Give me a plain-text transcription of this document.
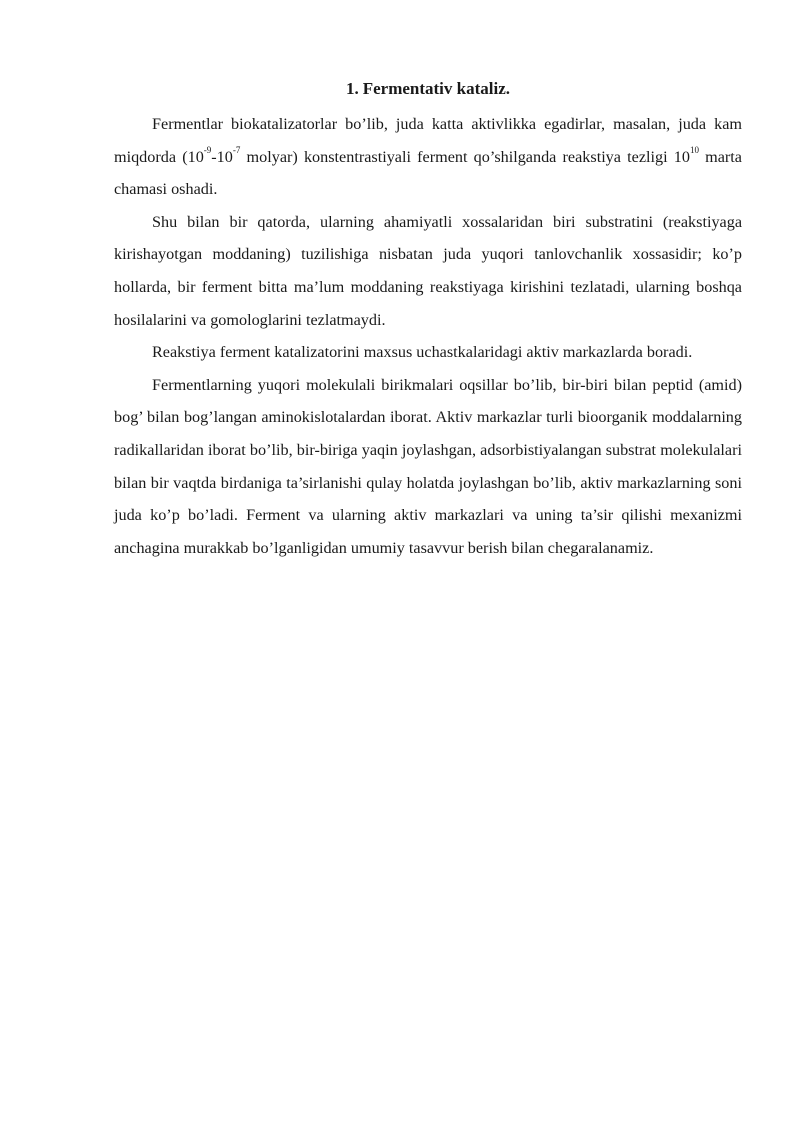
1. Fermentativ kataliz.

Fermentlar biokatalizatorlar bo’lib, juda katta aktivlikka egadirlar, masalan, juda kam miqdorda ($10^{-9}-10^{-7}$ molyar) konstentrastiyali ferment qo’shilganda reakstiya tezligi $10^{10}$ marta chamasi oshadi.

Shu bilan bir qatorda, ularning ahamiyatli xossalaridan biri substratini (reakstiyaga kirishayotgan moddaning) tuzilishiga nisbatan juda yuqori tanlovchanlik xossasidir; ko’p hollarda, bir ferment bitta ma’lum moddaning reakstiyaga kirishini tezlatadi, ularning boshqa hosilalarini va gomologlarini tezlatmaydi.

Reakstiya ferment katalizatorini maxsus uchastkalaridagi aktiv markazlarda boradi.

Fermentlarning yuqori molekulali birikmalari oqsillar bo’lib, bir-biri bilan peptid (amid) bog’ bilan bog’langan aminokislotalardan iborat. Aktiv markazlar turli bioorganik moddalarning radikallaridan iborat bo’lib, bir-biriga yaqin joylashgan, adsorbistiyalangan substrat molekulalari bilan bir vaqtda birdaniga ta’sirlanishi qulay holatda joylashgan bo’lib, aktiv markazlarning soni juda ko’p bo’ladi. Ferment va ularning aktiv markazlari va uning ta’sir qilishi mexanizmi anchagina murakkab bo’lganligidan umumiy tasavvur berish bilan chegaralanamiz.
